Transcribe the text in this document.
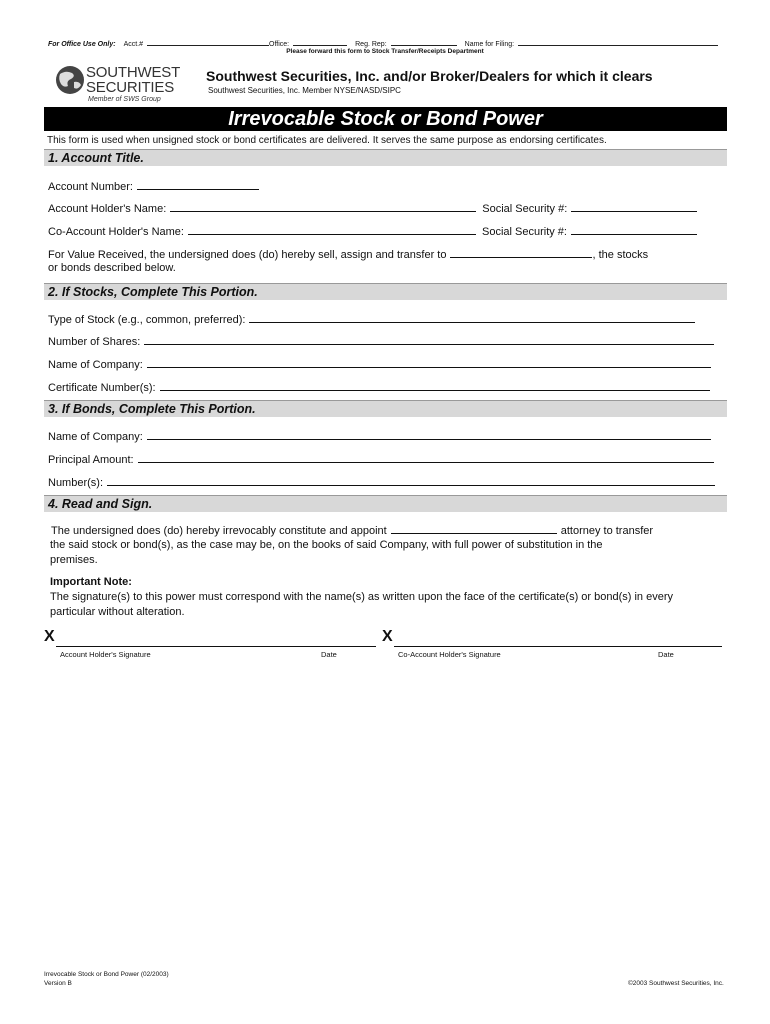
For Office Use Only: Acct.#	Office:	Reg. Rep:	Name for Filing:
Please forward this form to Stock Transfer/Receipts Department
SOUTHWEST
SECURITIES
Member of SWS Group
Southwest Securities, Inc. and/or Broker/Dealers for which it clears
Southwest Securities, Inc. Member NYSE/NASD/SIPC
Irrevocable Stock or Bond Power
This form is used when unsigned stock or bond certificates are delivered. It serves the same purpose as endorsing certificates.
1. Account Title.
Account Number:
Account Holder's Name:	Social Security #:
Co-Account Holder's Name:	Social Security #:
For Value Received, the undersigned does (do) hereby sell, assign and transfer to	, the stocks
or bonds described below.
2. If Stocks, Complete This Portion.
Type of Stock (e.g., common, preferred):
Number of Shares:
Name of Company:
Certificate Number(s):
3. If Bonds, Complete This Portion.
Name of Company:
Principal Amount:
Number(s):
4. Read and Sign.
The undersigned does (do) hereby irrevocably constitute and appoint	attorney to transfer
the said stock or bond(s), as the case may be, on the books of said Company, with full power of substitution in the
premises.
Important Note:
The signature(s) to this power must correspond with the name(s) as written upon the face of the certificate(s) or bond(s) in every particular without alteration.
X	X
Account Holder's Signature	Date	Co-Account Holder's Signature	Date
Irrevocable Stock or Bond Power (02/2003)
Version B	©2003 Southwest Securities, Inc.
